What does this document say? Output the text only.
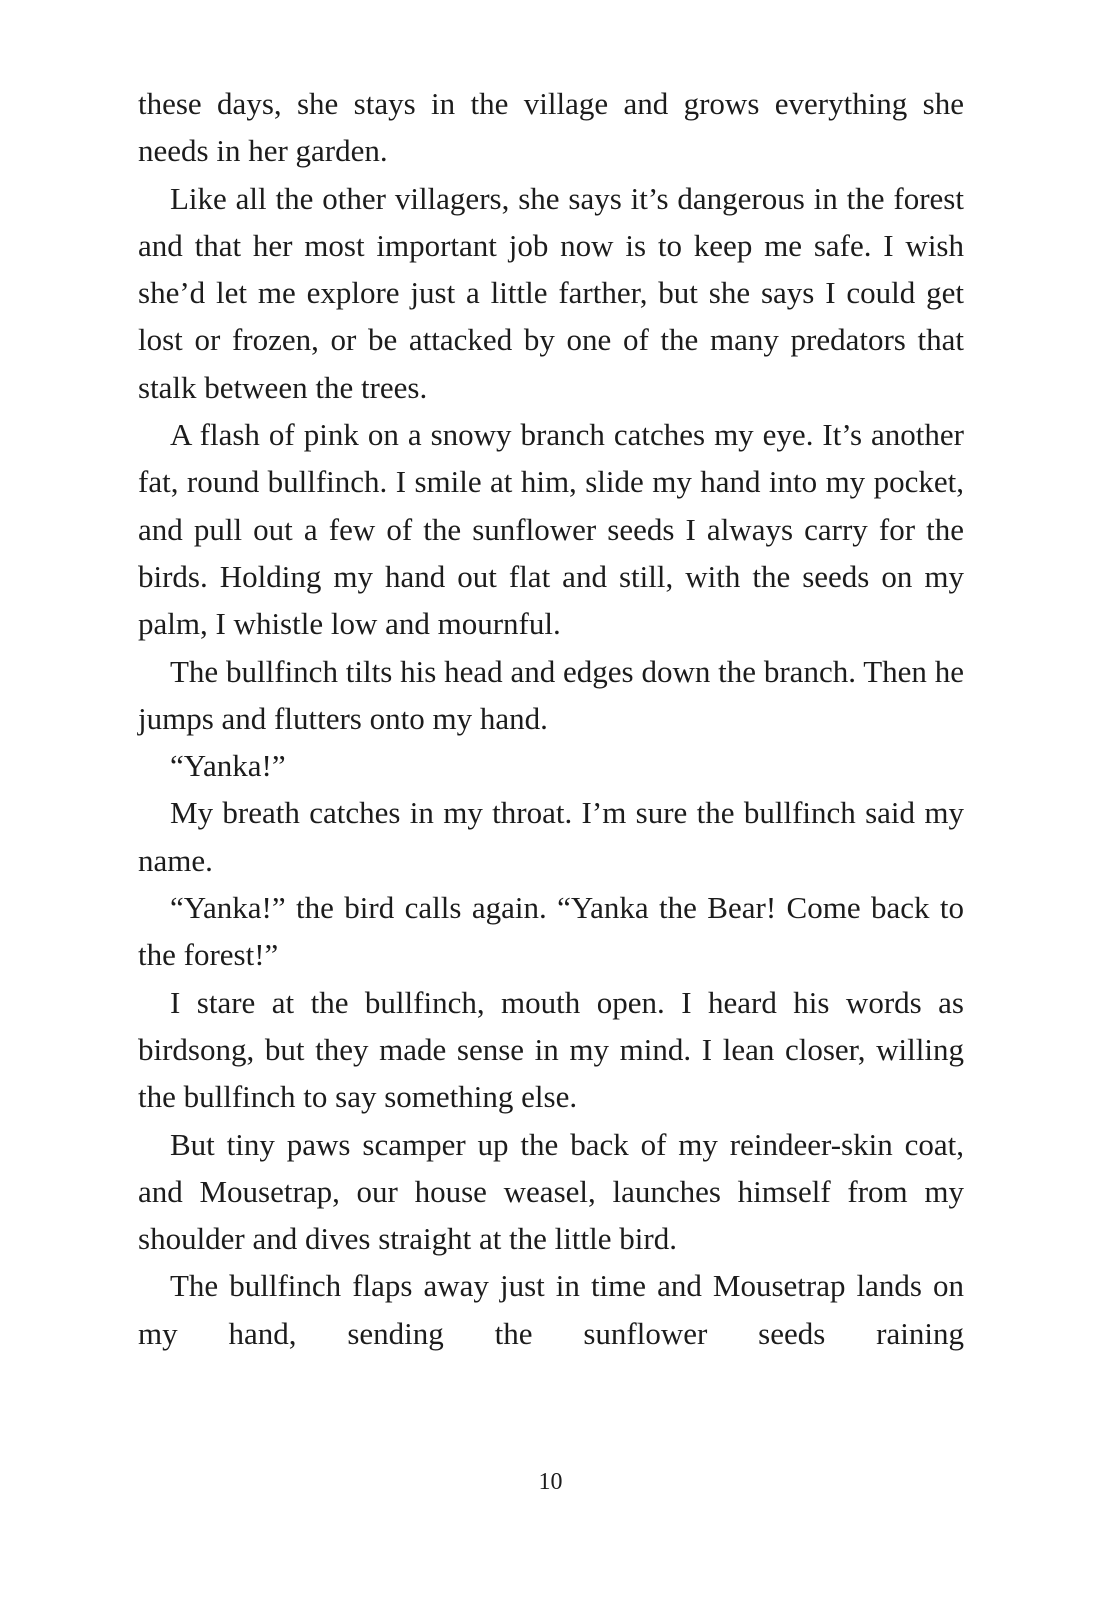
these days, she stays in the village and grows everything she needs in her garden.

Like all the other villagers, she says it’s dangerous in the forest and that her most important job now is to keep me safe. I wish she’d let me explore just a little farther, but she says I could get lost or frozen, or be attacked by one of the many predators that stalk between the trees.

A flash of pink on a snowy branch catches my eye. It’s another fat, round bullfinch. I smile at him, slide my hand into my pocket, and pull out a few of the sunflower seeds I always carry for the birds. Holding my hand out flat and still, with the seeds on my palm, I whistle low and mournful.

The bullfinch tilts his head and edges down the branch. Then he jumps and flutters onto my hand.

“Yanka!”

My breath catches in my throat. I’m sure the bullfinch said my name.

“Yanka!” the bird calls again. “Yanka the Bear! Come back to the forest!”

I stare at the bullfinch, mouth open. I heard his words as birdsong, but they made sense in my mind. I lean closer, willing the bullfinch to say something else.

But tiny paws scamper up the back of my reindeer-skin coat, and Mousetrap, our house weasel, launches himself from my shoulder and dives straight at the little bird.

The bullfinch flaps away just in time and Mousetrap lands on my hand, sending the sunflower seeds raining

10
